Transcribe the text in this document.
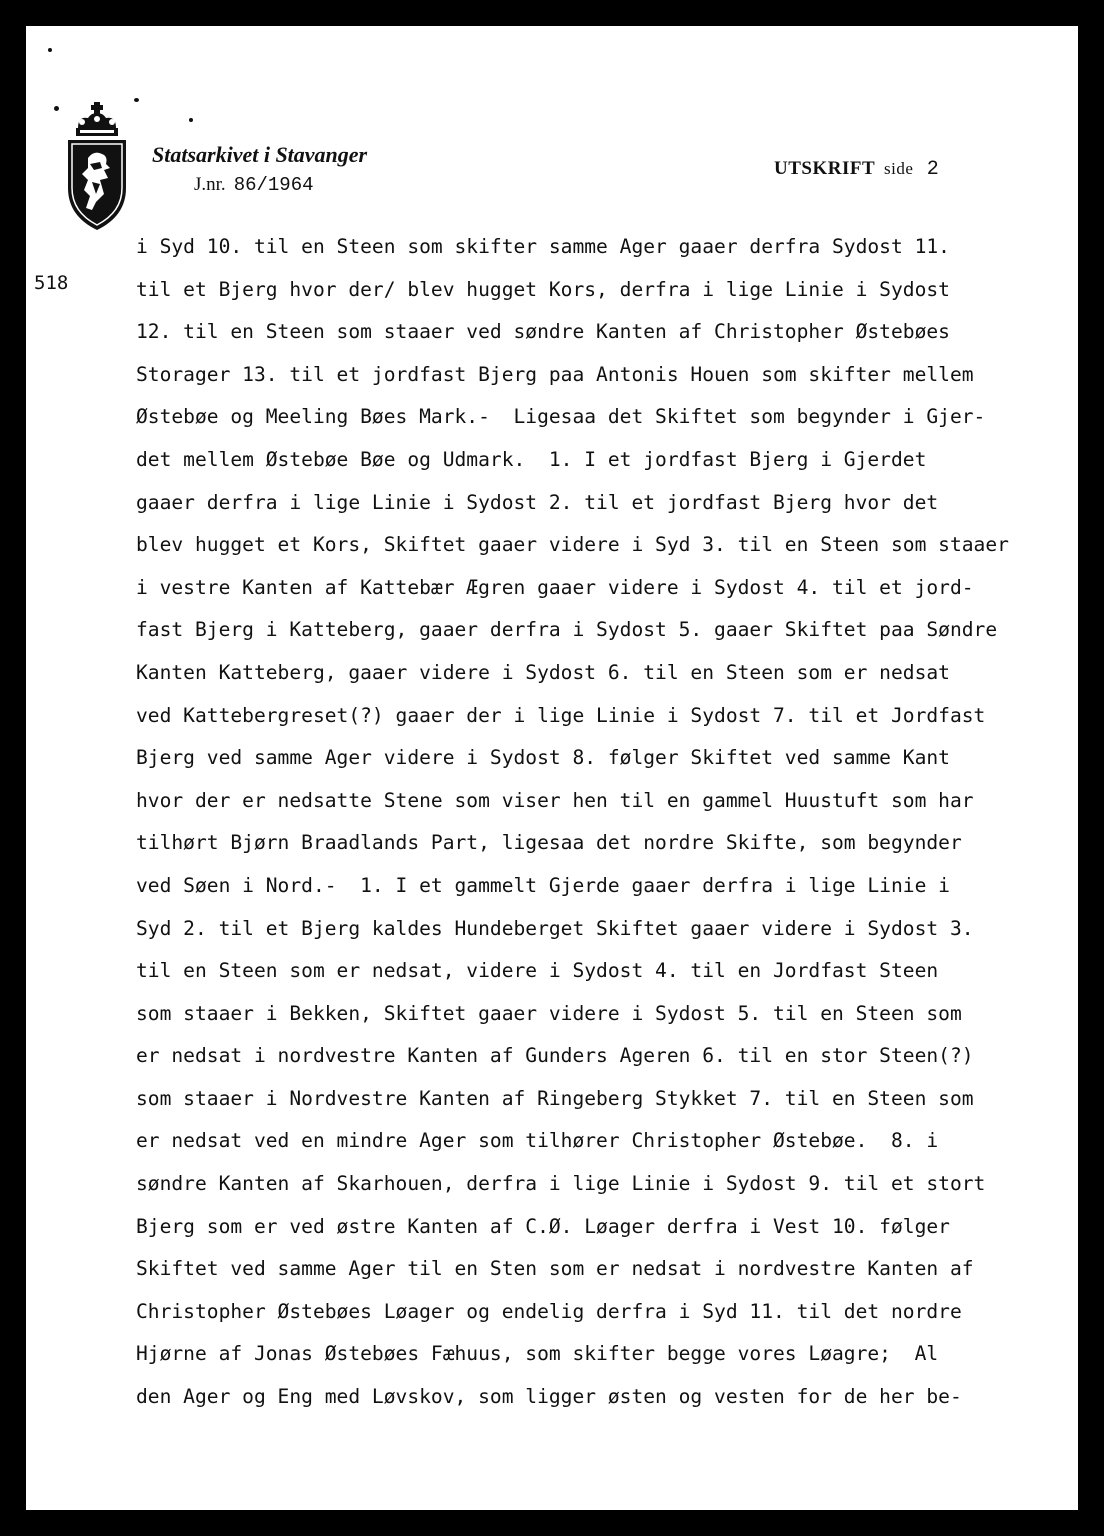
Statsarkivet i Stavanger
J.nr. 86/1964
UTSKRIFT side 2
518
i Syd 10. til en Steen som skifter samme Ager gaaer derfra Sydost 11.
til et Bjerg hvor der/ blev hugget Kors, derfra i lige Linie i Sydost
12. til en Steen som staaer ved søndre Kanten af Christopher Østebøes
Storager 13. til et jordfast Bjerg paa Antonis Houen som skifter mellem
Østebøe og Meeling Bøes Mark.-  Ligesaa det Skiftet som begynder i Gjer-
det mellem Østebøe Bøe og Udmark.  1. I et jordfast Bjerg i Gjerdet
gaaer derfra i lige Linie i Sydost 2. til et jordfast Bjerg hvor det
blev hugget et Kors, Skiftet gaaer videre i Syd 3. til en Steen som staaer
i vestre Kanten af Kattebær Ægren gaaer videre i Sydost 4. til et jord-
fast Bjerg i Katteberg, gaaer derfra i Sydost 5. gaaer Skiftet paa Søndre
Kanten Katteberg, gaaer videre i Sydost 6. til en Steen som er nedsat
ved Kattebergreset(?) gaaer der i lige Linie i Sydost 7. til et Jordfast
Bjerg ved samme Ager videre i Sydost 8. følger Skiftet ved samme Kant
hvor der er nedsatte Stene som viser hen til en gammel Huustuft som har
tilhørt Bjørn Braadlands Part, ligesaa det nordre Skifte, som begynder
ved Søen i Nord.-  1. I et gammelt Gjerde gaaer derfra i lige Linie i
Syd 2. til et Bjerg kaldes Hundeberget Skiftet gaaer videre i Sydost 3.
til en Steen som er nedsat, videre i Sydost 4. til en Jordfast Steen
som staaer i Bekken, Skiftet gaaer videre i Sydost 5. til en Steen som
er nedsat i nordvestre Kanten af Gunders Ageren 6. til en stor Steen(?)
som staaer i Nordvestre Kanten af Ringeberg Stykket 7. til en Steen som
er nedsat ved en mindre Ager som tilhører Christopher Østebøe.  8. i
søndre Kanten af Skarhouen, derfra i lige Linie i Sydost 9. til et stort
Bjerg som er ved østre Kanten af C.Ø. Løager derfra i Vest 10. følger
Skiftet ved samme Ager til en Sten som er nedsat i nordvestre Kanten af
Christopher Østebøes Løager og endelig derfra i Syd 11. til det nordre
Hjørne af Jonas Østebøes Fæhuus, som skifter begge vores Løagre;  Al
den Ager og Eng med Løvskov, som ligger østen og vesten for de her be-
